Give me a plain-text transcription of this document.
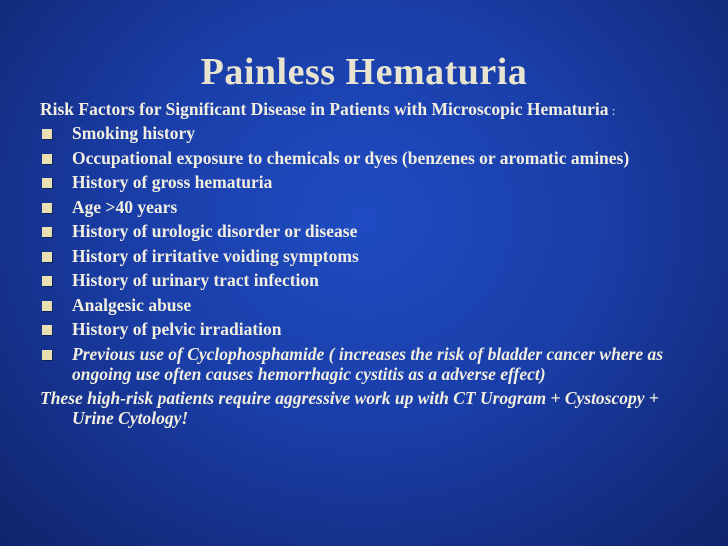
Painless Hematuria

Risk Factors for Significant Disease in Patients with Microscopic Hematuria :

Smoking history
Occupational exposure to chemicals or dyes (benzenes or aromatic amines)
History of gross hematuria
Age >40 years
History of urologic disorder or disease
History of irritative voiding symptoms
History of urinary tract infection
Analgesic abuse
History of pelvic irradiation
Previous use of Cyclophosphamide ( increases the risk of bladder cancer where as ongoing use often causes hemorrhagic cystitis as a adverse effect)

These high-risk patients require aggressive work up with CT Urogram + Cystoscopy + Urine Cytology!
